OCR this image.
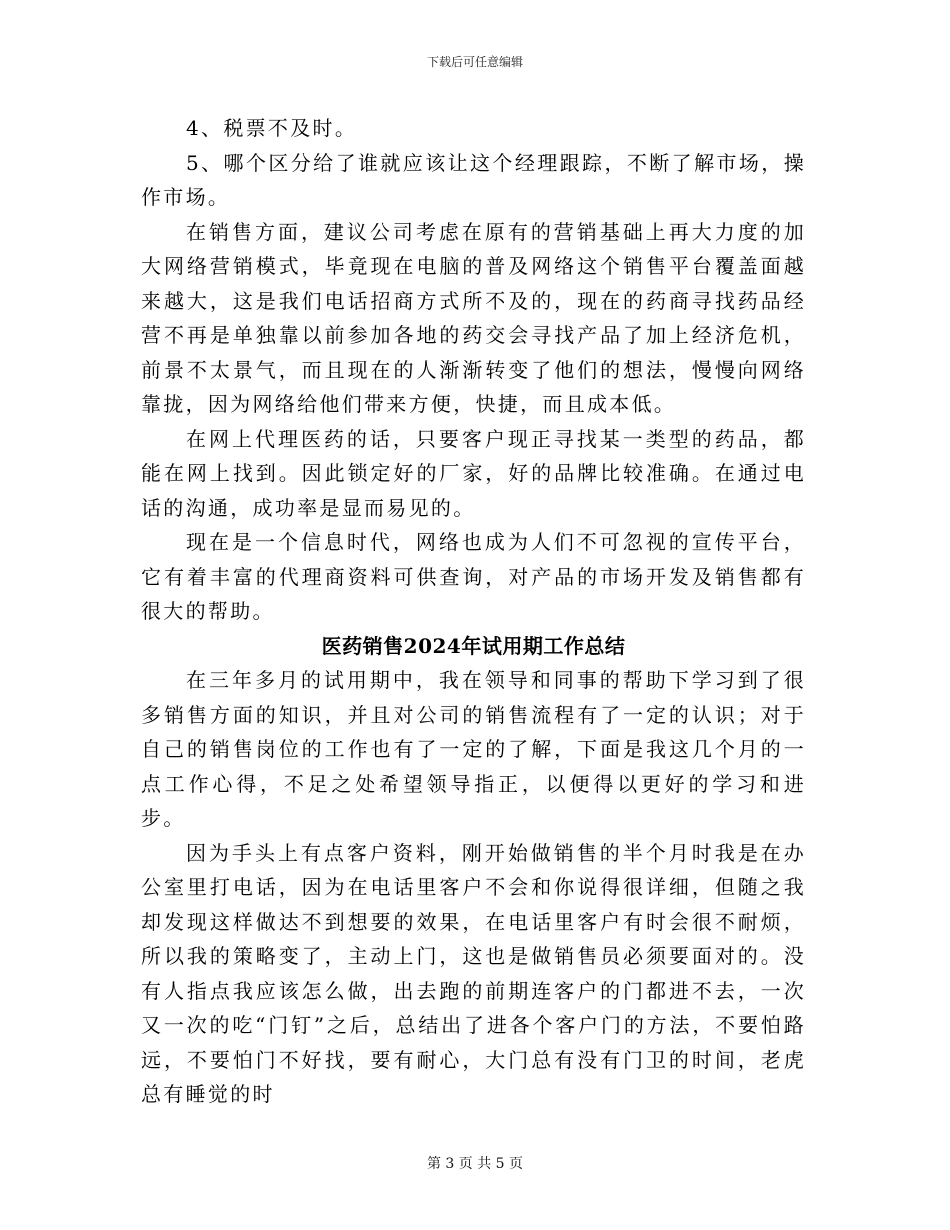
下载后可任意编辑

4、税票不及时。

5、哪个区分给了谁就应该让这个经理跟踪，不断了解市场，操作市场。

在销售方面，建议公司考虑在原有的营销基础上再大力度的加大网络营销模式，毕竟现在电脑的普及网络这个销售平台覆盖面越来越大，这是我们电话招商方式所不及的，现在的药商寻找药品经营不再是单独靠以前参加各地的药交会寻找产品了加上经济危机，前景不太景气，而且现在的人渐渐转变了他们的想法，慢慢向网络靠拢，因为网络给他们带来方便，快捷，而且成本低。

在网上代理医药的话，只要客户现正寻找某一类型的药品，都能在网上找到。因此锁定好的厂家，好的品牌比较准确。在通过电话的沟通，成功率是显而易见的。

现在是一个信息时代，网络也成为人们不可忽视的宣传平台，它有着丰富的代理商资料可供查询，对产品的市场开发及销售都有很大的帮助。

医药销售2024年试用期工作总结

在三年多月的试用期中，我在领导和同事的帮助下学习到了很多销售方面的知识，并且对公司的销售流程有了一定的认识；对于自己的销售岗位的工作也有了一定的了解，下面是我这几个月的一点工作心得，不足之处希望领导指正，以便得以更好的学习和进步。

因为手头上有点客户资料，刚开始做销售的半个月时我是在办公室里打电话，因为在电话里客户不会和你说得很详细，但随之我却发现这样做达不到想要的效果，在电话里客户有时会很不耐烦，所以我的策略变了，主动上门，这也是做销售员必须要面对的。没有人指点我应该怎么做，出去跑的前期连客户的门都进不去，一次又一次的吃“门钉”之后，总结出了进各个客户门的方法，不要怕路远，不要怕门不好找，要有耐心，大门总有没有门卫的时间，老虎总有睡觉的时

第 3 页 共 5 页
